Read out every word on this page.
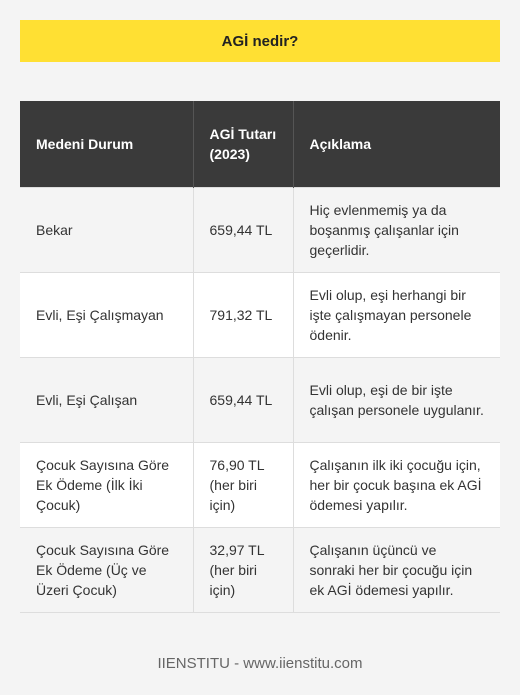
AGİ nedir?
Medeni Durum	AGİ Tutarı (2023)	Açıklama
Bekar	659,44 TL	Hiç evlenmemiş ya da boşanmış çalışanlar için geçerlidir.
Evli, Eşi Çalışmayan	791,32 TL	Evli olup, eşi herhangi bir işte çalışmayan personele ödenir.
Evli, Eşi Çalışan	659,44 TL	Evli olup, eşi de bir işte çalışan personele uygulanır.
Çocuk Sayısına Göre Ek Ödeme (İlk İki Çocuk)	76,90 TL (her biri için)	Çalışanın ilk iki çocuğu için, her bir çocuk başına ek AGİ ödemesi yapılır.
Çocuk Sayısına Göre Ek Ödeme (Üç ve Üzeri Çocuk)	32,97 TL (her biri için)	Çalışanın üçüncü ve sonraki her bir çocuğu için ek AGİ ödemesi yapılır.
IIENSTITU - www.iienstitu.com
